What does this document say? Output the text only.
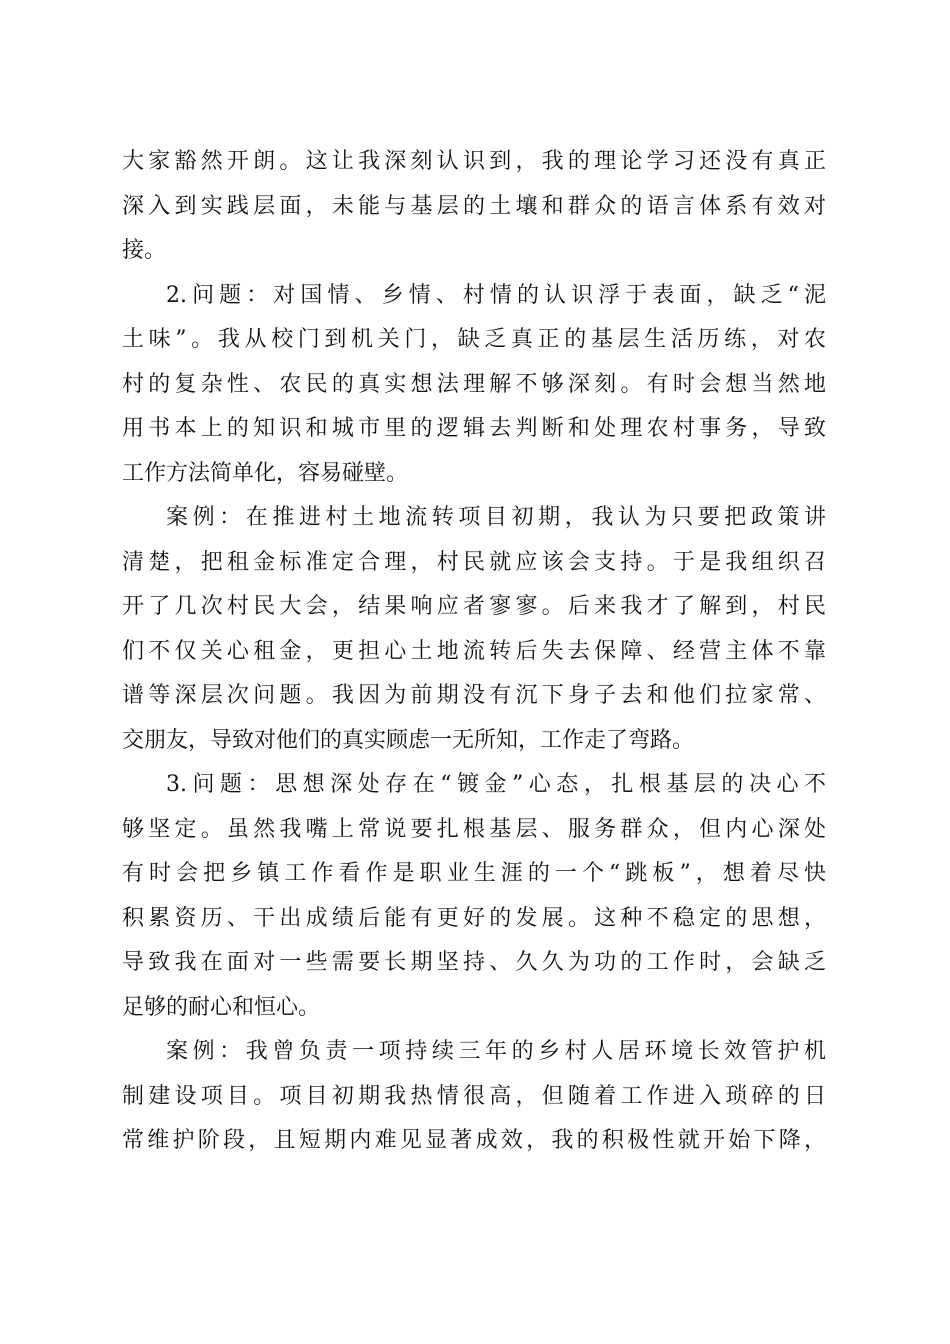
大家豁然开朗。这让我深刻认识到，我的理论学习还没有真正
深入到实践层面，未能与基层的土壤和群众的语言体系有效对
接。
2.问题：对国情、乡情、村情的认识浮于表面，缺乏“泥
土味”。我从校门到机关门，缺乏真正的基层生活历练，对农
村的复杂性、农民的真实想法理解不够深刻。有时会想当然地
用书本上的知识和城市里的逻辑去判断和处理农村事务，导致
工作方法简单化，容易碰壁。
案例：在推进村土地流转项目初期，我认为只要把政策讲
清楚，把租金标准定合理，村民就应该会支持。于是我组织召
开了几次村民大会，结果响应者寥寥。后来我才了解到，村民
们不仅关心租金，更担心土地流转后失去保障、经营主体不靠
谱等深层次问题。我因为前期没有沉下身子去和他们拉家常、
交朋友，导致对他们的真实顾虑一无所知，工作走了弯路。
3.问题：思想深处存在“镀金”心态，扎根基层的决心不
够坚定。虽然我嘴上常说要扎根基层、服务群众，但内心深处
有时会把乡镇工作看作是职业生涯的一个“跳板”，想着尽快
积累资历、干出成绩后能有更好的发展。这种不稳定的思想，
导致我在面对一些需要长期坚持、久久为功的工作时，会缺乏
足够的耐心和恒心。
案例：我曾负责一项持续三年的乡村人居环境长效管护机
制建设项目。项目初期我热情很高，但随着工作进入琐碎的日
常维护阶段，且短期内难见显著成效，我的积极性就开始下降，
